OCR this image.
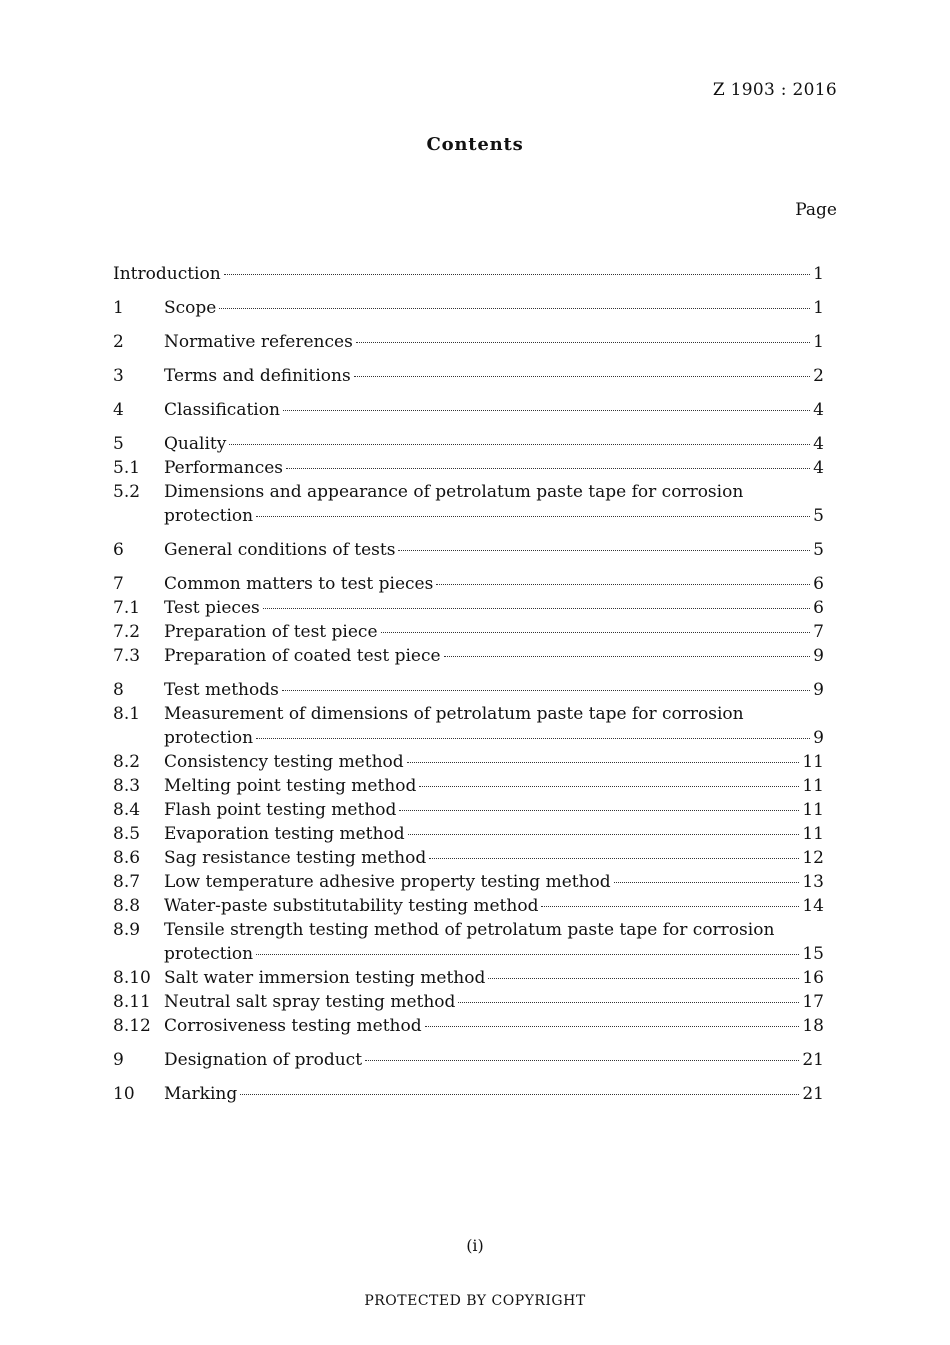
Z 1903 : 2016
Contents
Page
Introduction	1
1	Scope	1
2	Normative references	1
3	Terms and definitions	2
4	Classification	4
5	Quality	4
5.1	Performances	4
5.2	Dimensions and appearance of petrolatum paste tape for corrosion
protection	5
6	General conditions of tests	5
7	Common matters to test pieces	6
7.1	Test pieces	6
7.2	Preparation of test piece	7
7.3	Preparation of coated test piece	9
8	Test methods	9
8.1	Measurement of dimensions of petrolatum paste tape for corrosion
protection	9
8.2	Consistency testing method	11
8.3	Melting point testing method	11
8.4	Flash point testing method	11
8.5	Evaporation testing method	11
8.6	Sag resistance testing method	12
8.7	Low temperature adhesive property testing method	13
8.8	Water-paste substitutability testing method	14
8.9	Tensile strength testing method of petrolatum paste tape for corrosion
protection	15
8.10 Salt water immersion testing method	16
8.11 Neutral salt spray testing method	17
8.12 Corrosiveness testing method	18
9	Designation of product	21
10	Marking	21
(i)
PROTECTED BY COPYRIGHT
